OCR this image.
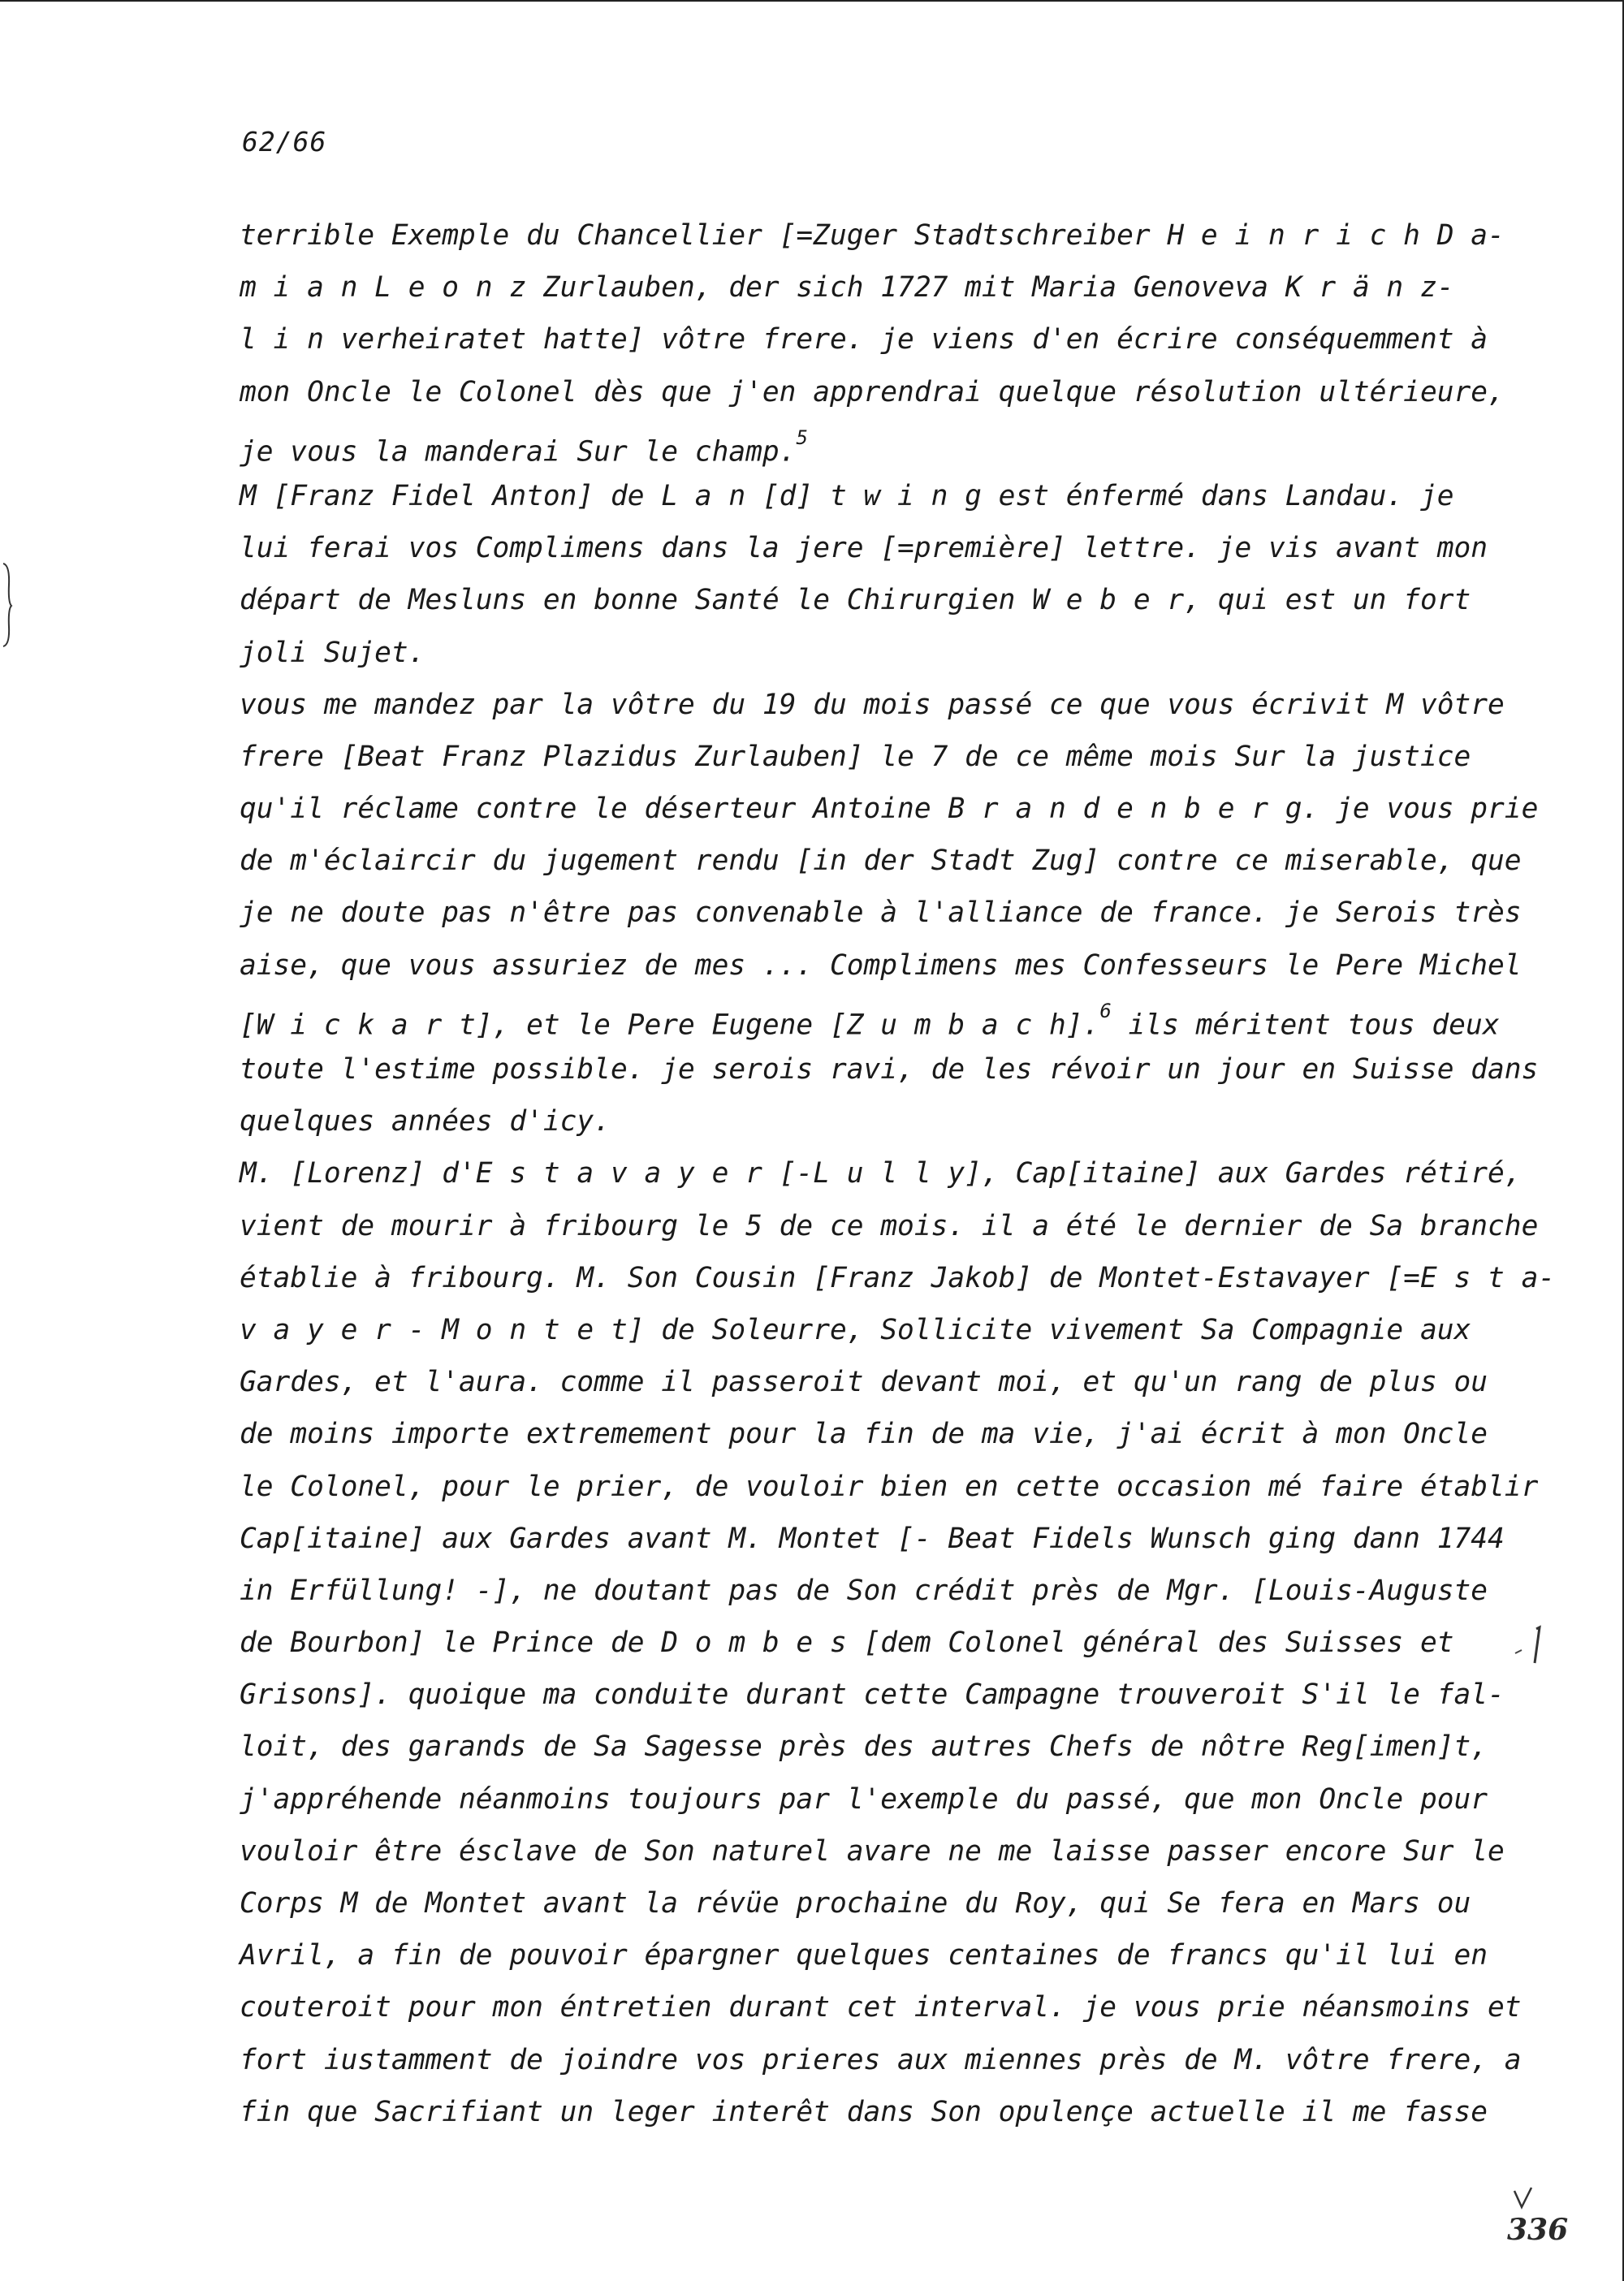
62/66
terrible Exemple du Chancellier [=Zuger Stadtschreiber H e i n r i c h D a-
m i a n L e o n z Zurlauben, der sich 1727 mit Maria Genoveva K r ä n z-
l i n verheiratet hatte] vôtre frere. je viens d'en écrire conséquemment à
mon Oncle le Colonel dès que j'en apprendrai quelque résolution ultérieure,
je vous la manderai Sur le champ.$^5$
M [Franz Fidel Anton] de L a n [d] t w i n g est énfermé dans Landau. je
lui ferai vos Complimens dans la jere [=première] lettre. je vis avant mon
départ de Mesluns en bonne Santé le Chirurgien W e b e r, qui est un fort
joli Sujet.
vous me mandez par la vôtre du 19 du mois passé ce que vous écrivit M vôtre
frere [Beat Franz Plazidus Zurlauben] le 7 de ce même mois Sur la justice
qu'il réclame contre le déserteur Antoine B r a n d e n b e r g. je vous prie
de m'éclaircir du jugement rendu [in der Stadt Zug] contre ce miserable, que
je ne doute pas n'être pas convenable à l'alliance de france. je Serois très
aise, que vous assuriez de mes ... Complimens mes Confesseurs le Pere Michel
[W i c k a r t], et le Pere Eugene [Z u m b a c h].$^6$ ils méritent tous deux
toute l'estime possible. je serois ravi, de les révoir un jour en Suisse dans
quelques années d'icy.
M. [Lorenz] d'E s t a v a y e r [-L u l l y], Cap[itaine] aux Gardes rétiré,
vient de mourir à fribourg le 5 de ce mois. il a été le dernier de Sa branche
établie à fribourg. M. Son Cousin [Franz Jakob] de Montet-Estavayer [=E s t a-
v a y e r - M o n t e t] de Soleurre, Sollicite vivement Sa Compagnie aux
Gardes, et l'aura. comme il passeroit devant moi, et qu'un rang de plus ou
de moins importe extremement pour la fin de ma vie, j'ai écrit à mon Oncle
le Colonel, pour le prier, de vouloir bien en cette occasion mé faire établir
Cap[itaine] aux Gardes avant M. Montet [- Beat Fidels Wunsch ging dann 1744
in Erfüllung! -], ne doutant pas de Son crédit près de Mgr. [Louis-Auguste
de Bourbon] le Prince de D o m b e s [dem Colonel général des Suisses et
Grisons]. quoique ma conduite durant cette Campagne trouveroit S'il le fal-
loit, des garands de Sa Sagesse près des autres Chefs de nôtre Reg[imen]t,
j'appréhende néanmoins toujours par l'exemple du passé, que mon Oncle pour
vouloir être ésclave de Son naturel avare ne me laisse passer encore Sur le
Corps M de Montet avant la révüe prochaine du Roy, qui Se fera en Mars ou
Avril, a fin de pouvoir épargner quelques centaines de francs qu'il lui en
couteroit pour mon éntretien durant cet interval. je vous prie néansmoins et
fort iustamment de joindre vos prieres aux miennes près de M. vôtre frere, a
fin que Sacrifiant un leger interêt dans Son opulençe actuelle il me fasse
336
